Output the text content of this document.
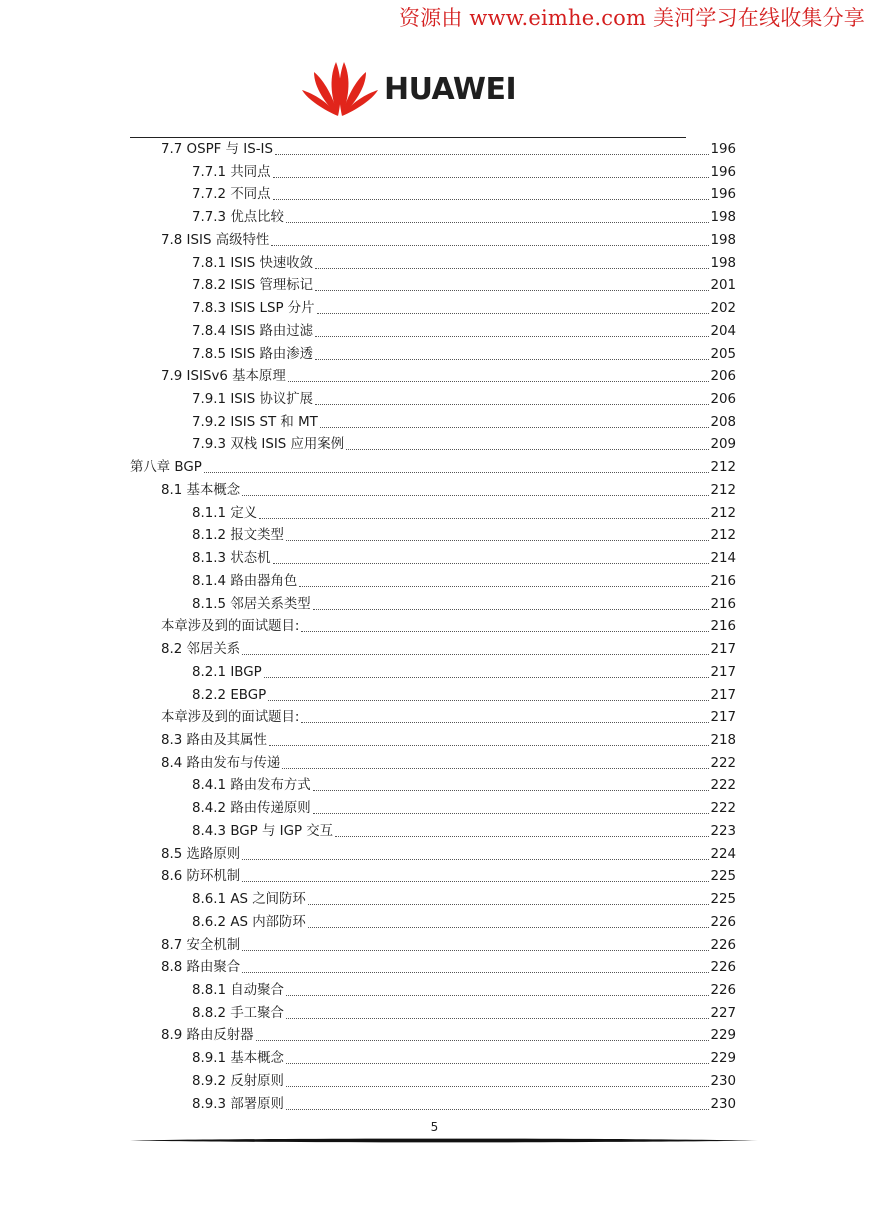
资源由 www.eimhe.com 美河学习在线收集分享
HUAWEI
7.7 OSPF 与 IS-IS	196
7.7.1 共同点	196
7.7.2 不同点	196
7.7.3 优点比较	198
7.8 ISIS 高级特性	198
7.8.1 ISIS 快速收敛	198
7.8.2 ISIS 管理标记	201
7.8.3 ISIS LSP 分片	202
7.8.4 ISIS 路由过滤	204
7.8.5 ISIS 路由渗透	205
7.9 ISISv6 基本原理	206
7.9.1 ISIS 协议扩展	206
7.9.2 ISIS ST 和 MT	208
7.9.3 双栈 ISIS 应用案例	209
第八章 BGP	212
8.1 基本概念	212
8.1.1 定义	212
8.1.2 报文类型	212
8.1.3 状态机	214
8.1.4 路由器角色	216
8.1.5 邻居关系类型	216
本章涉及到的面试题目:	216
8.2 邻居关系	217
8.2.1 IBGP	217
8.2.2 EBGP	217
本章涉及到的面试题目:	217
8.3 路由及其属性	218
8.4 路由发布与传递	222
8.4.1 路由发布方式	222
8.4.2 路由传递原则	222
8.4.3 BGP 与 IGP 交互	223
8.5 选路原则	224
8.6 防环机制	225
8.6.1 AS 之间防环	225
8.6.2 AS 内部防环	226
8.7 安全机制	226
8.8 路由聚合	226
8.8.1 自动聚合	226
8.8.2 手工聚合	227
8.9 路由反射器	229
8.9.1 基本概念	229
8.9.2 反射原则	230
8.9.3 部署原则	230
5
